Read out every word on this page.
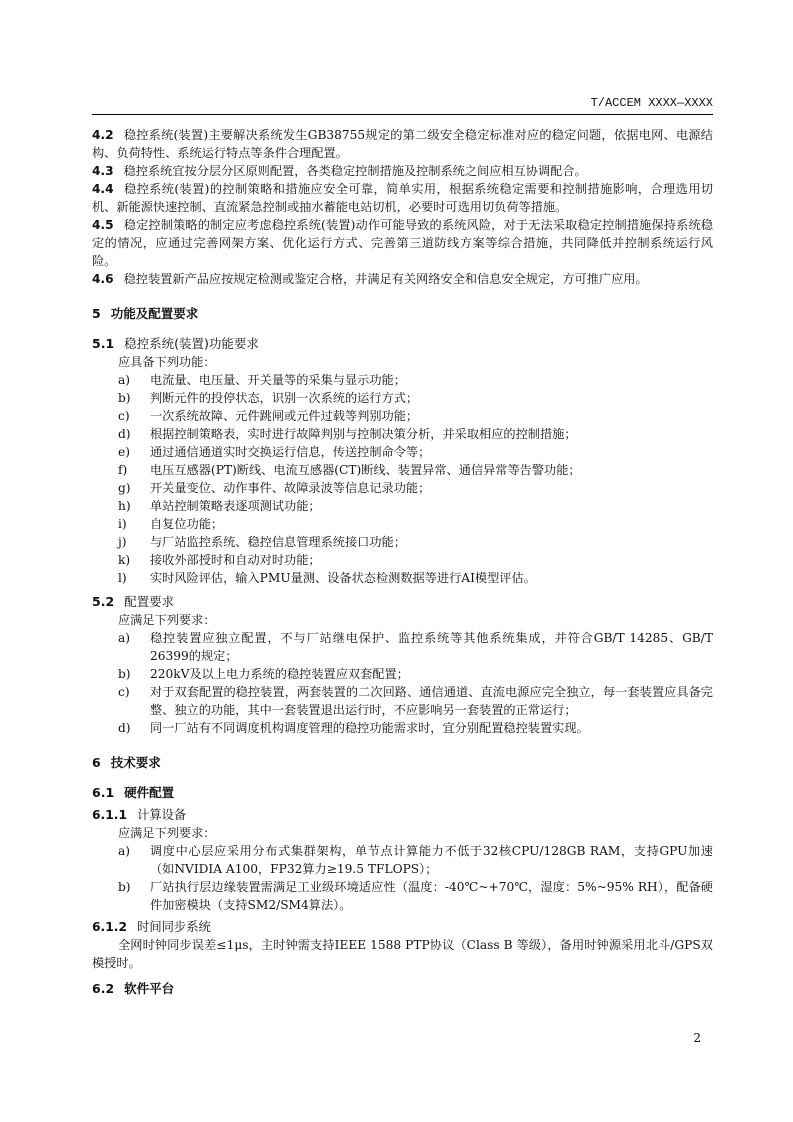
T/ACCEM XXXX—XXXX

4.2 稳控系统(装置)主要解决系统发生GB38755规定的第二级安全稳定标准对应的稳定问题，依据电网、电源结构、负荷特性、系统运行特点等条件合理配置。

4.3 稳控系统宜按分层分区原则配置，各类稳定控制措施及控制系统之间应相互协调配合。

4.4 稳控系统(装置)的控制策略和措施应安全可靠，简单实用，根据系统稳定需要和控制措施影响，合理选用切机、新能源快速控制、直流紧急控制或抽水蓄能电站切机，必要时可选用切负荷等措施。

4.5 稳定控制策略的制定应考虑稳控系统(装置)动作可能导致的系统风险，对于无法采取稳定控制措施保持系统稳定的情况，应通过完善网架方案、优化运行方式、完善第三道防线方案等综合措施，共同降低并控制系统运行风险。

4.6 稳控装置新产品应按规定检测或鉴定合格，并满足有关网络安全和信息安全规定，方可推广应用。

5 功能及配置要求
5.1 稳控系统(装置)功能要求

应具备下列功能：

a)	电流量、电压量、开关量等的采集与显示功能；
b)	判断元件的投停状态，识别一次系统的运行方式；
c)	一次系统故障、元件跳闸或元件过载等判别功能；
d)	根据控制策略表，实时进行故障判别与控制决策分析，并采取相应的控制措施；
e)	通过通信通道实时交换运行信息，传送控制命令等；
f)	电压互感器(PT)断线、电流互感器(CT)断线、装置异常、通信异常等告警功能；
g)	开关量变位、动作事件、故障录波等信息记录功能；
h)	单站控制策略表逐项测试功能；
i)	自复位功能；
j)	与厂站监控系统、稳控信息管理系统接口功能；
k)	接收外部授时和自动对时功能；
l)	实时风险评估，输入PMU量测、设备状态检测数据等进行AI模型评估。
5.2 配置要求

应满足下列要求：

a)	稳控装置应独立配置，不与厂站继电保护、监控系统等其他系统集成，并符合GB/T 14285、GB/T 26399的规定；
b)	220kV及以上电力系统的稳控装置应双套配置；
c)	对于双套配置的稳控装置，两套装置的二次回路、通信通道、直流电源应完全独立，每一套装置应具备完整、独立的功能，其中一套装置退出运行时，不应影响另一套装置的正常运行；
d)	同一厂站有不同调度机构调度管理的稳控功能需求时，宜分别配置稳控装置实现。
6 技术要求
6.1 硬件配置
6.1.1 计算设备

应满足下列要求：

a)	调度中心层应采用分布式集群架构，单节点计算能力不低于32核CPU/128GB RAM，支持GPU加速（如NVIDIA A100，FP32算力≥19.5 TFLOPS）；
b)	厂站执行层边缘装置需满足工业级环境适应性（温度：-40℃~+70℃，湿度：5%~95% RH），配备硬件加密模块（支持SM2/SM4算法）。
6.1.2 时间同步系统

全网时钟同步误差≤1μs，主时钟需支持IEEE 1588 PTP协议（Class B 等级），备用时钟源采用北斗/GPS双模授时。

6.2 软件平台
2
